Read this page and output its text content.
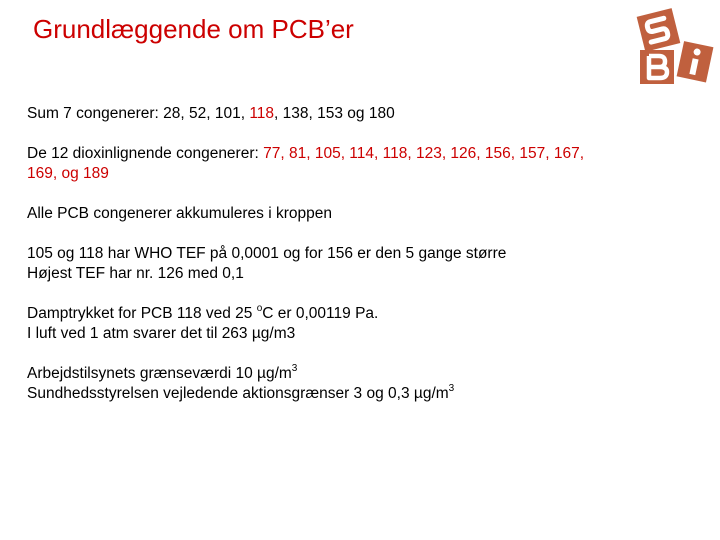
Grundlæggende om PCB’er
Sum 7 congenerer: 28, 52, 101, 118, 138, 153 og 180
De 12 dioxinlignende congenerer: 77, 81, 105, 114, 118, 123, 126, 156, 157, 167,
169, og 189
Alle PCB congenerer akkumuleres i kroppen
105 og 118 har WHO TEF på 0,0001 og for 156 er den 5 gange større
Højest TEF har nr. 126 med 0,1
Damptrykket for PCB 118 ved 25 $^o$C er 0,00119 Pa.
I luft ved 1 atm svarer det til 263 µg/m3
Arbejdstilsynets grænseværdi 10 $\mu g/m^3$
Sundhedsstyrelsen vejledende aktionsgrænser 3 og 0,3 $\mu g/m^3$
